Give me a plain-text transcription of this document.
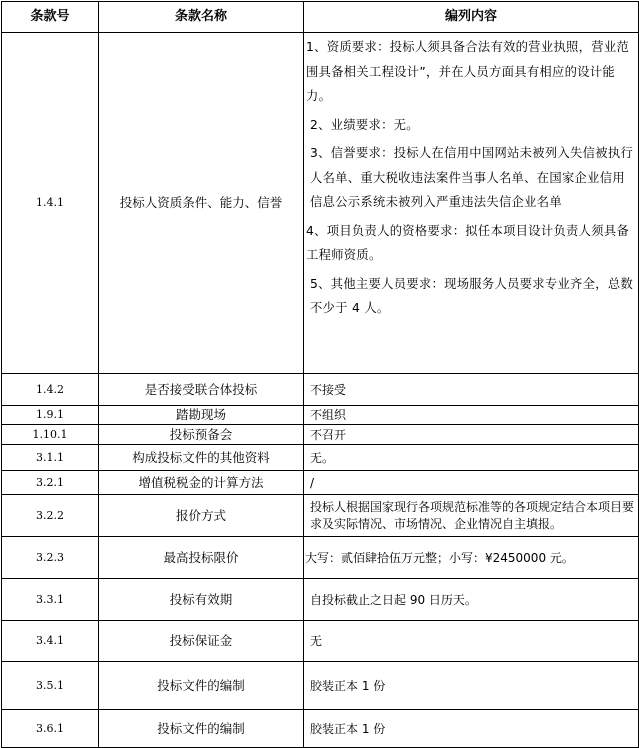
条款号	条款名称	编列内容
1.4.1	投标人资质条件、能力、信誉	1、资质要求：投标人须具备合法有效的营业执照，营业范围具备相关工程设计”，并在人员方面具有相应的设计能力。
2、业绩要求：无。
3、信誉要求：投标人在信用中国网站未被列入失信被执行人名单、重大税收违法案件当事人名单、在国家企业信用信息公示系统未被列入严重违法失信企业名单
4、项目负责人的资格要求：拟任本项目设计负责人须具备工程师资质。
5、其他主要人员要求：现场服务人员要求专业齐全，总数不少于 4 人。

1.4.2	是否接受联合体投标	不接受
1.9.1	踏勘现场	不组织
1.10.1	投标预备会	不召开
3.1.1	构成投标文件的其他资料	无。
3.2.1	增值税税金的计算方法	/
3.2.2	报价方式	投标人根据国家现行各项规范标准等的各项规定结合本项目要求及实际情况、市场情况、企业情况自主填报。
3.2.3	最高投标限价	大写：贰佰肆拾伍万元整；小写：¥2450000 元。
3.3.1	投标有效期	自投标截止之日起 90 日历天。
3.4.1	投标保证金	无
3.5.1	投标文件的编制	胶装正本 1 份
3.6.1	投标文件的编制	胶装正本 1 份
